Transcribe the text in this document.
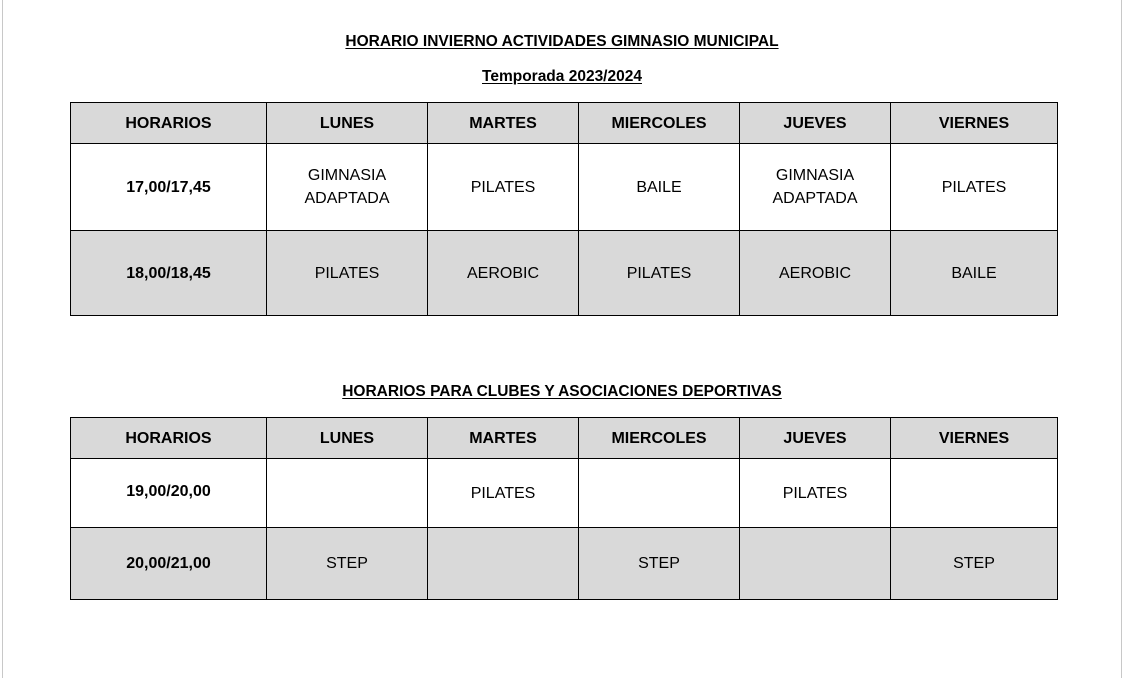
HORARIO INVIERNO ACTIVIDADES GIMNASIO MUNICIPAL
Temporada 2023/2024
HORARIOS	LUNES	MARTES	MIERCOLES	JUEVES	VIERNES
17,00/17,45	GIMNASIA ADAPTADA	PILATES	BAILE	GIMNASIA ADAPTADA	PILATES
18,00/18,45	PILATES	AEROBIC	PILATES	AEROBIC	BAILE
HORARIOS PARA CLUBES Y ASOCIACIONES DEPORTIVAS
HORARIOS	LUNES	MARTES	MIERCOLES	JUEVES	VIERNES
19,00/20,00		PILATES		PILATES	
20,00/21,00	STEP		STEP		STEP
